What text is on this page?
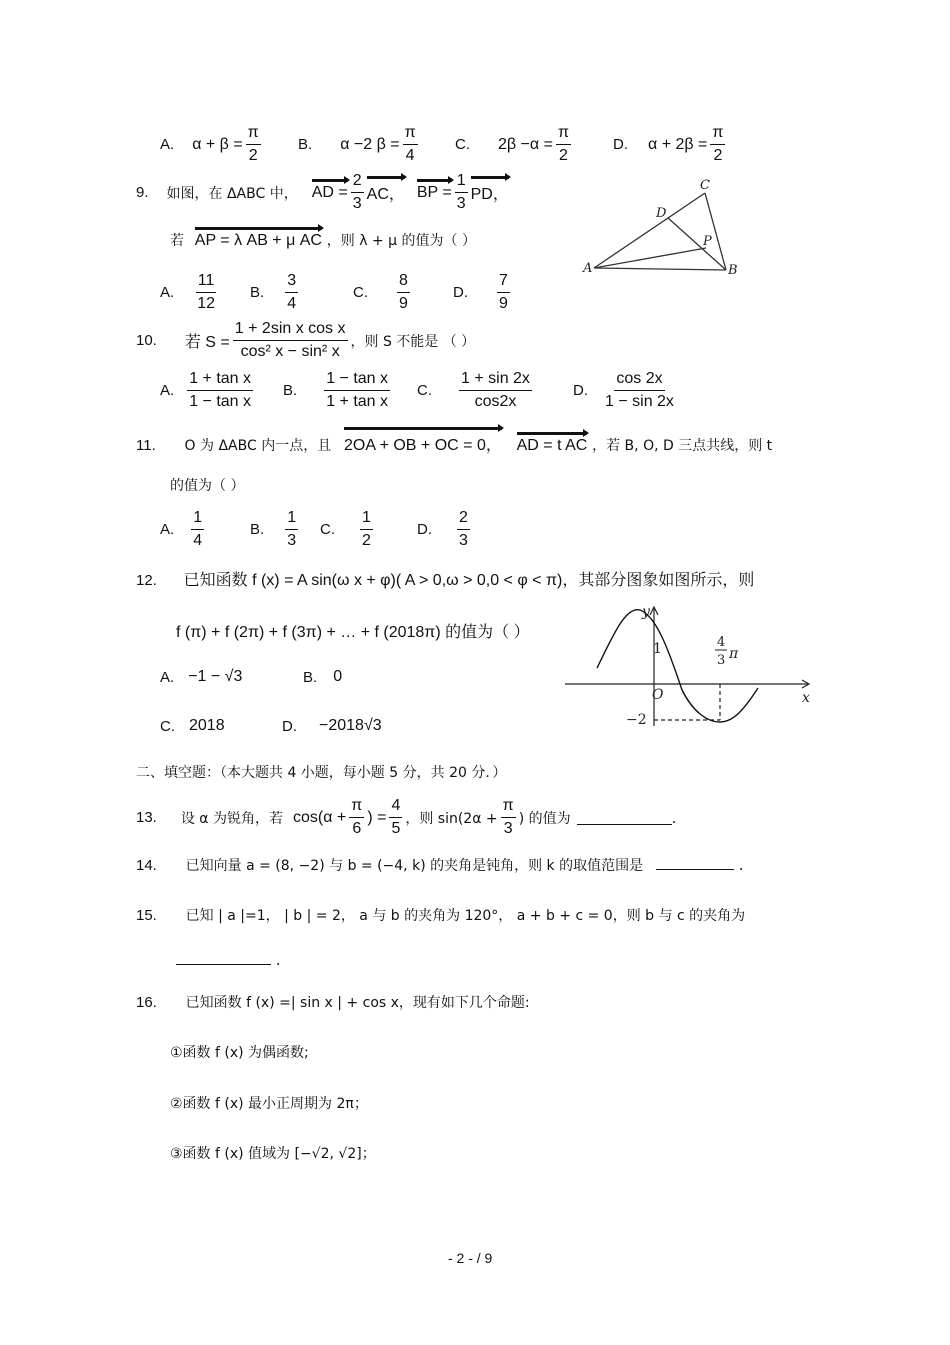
A. $\alpha + \beta = \frac{\pi}{2} B$. α −2 $\beta = \frac{\pi}{4} C$. $2\beta -\alpha = \frac{\pi}{2}$	D. $\alpha + 2\beta = \frac{\pi}{2}$
9. 如图，在 ΔABC 中， AD = $\frac{2}{3}$ AC， BP = $\frac{1}{3}$ PD，
若 AP = λ AB + μ AC ，则 λ + μ 的值为（ ）
A. $\frac{11}{12} B$. $\frac{3}{4}$	C. $\frac{8}{9}$	D. $\frac{7}{9}$
A	B
C
D
P
10. 若 $S = \frac{\text{1 + 2sin x cos x}}{\text{cos² x − sin² x}}$ ，则 S 不能是 （ ）
A. $\frac{\text{1 + tan x}}{\text{1 − tan x}} B$. $\frac{\text{1 − tan x}}{\text{1 + tan x}} C$. $\frac{1 + \sin 2x}{\cos 2x}$	D. $\frac{\cos 2x}{1 - \sin 2x}$
11. O 为 ΔABC 内一点，且 2OA + OB + OC = 0， AD = t AC ，若 B, O, D 三点共线，则 t
的值为（ ）
A. $\frac{1}{4}$	B. $\frac{1}{3} C$. $\frac{1}{2}$	D. $\frac{2}{3}$
12. 已知函数 f (x) = A sin(ω x + φ)( A > 0,ω > 0,0 < φ < π)，其部分图象如图所示，则
f (π) + f (2π) + f (3π) + … + f (2018π) 的值为（ ）
A. −1 − √3	B. 0
C. 2018	D. −2018√3
y
x
O
1
−2
4
3 π
二、填空题：（本大题共 4 小题，每小题 5 分，共 20 分．）
13. 设 α 为锐角，若 $\cos(\alpha + \frac{\pi}{6}$ ) = $\frac{4}{5}$ ，则 $\sin(2\alpha + \frac{\pi}{3}$ ) 的值为	.
14. 已知向量 a = (8, −2) 与 b = (−4, k) 的夹角是钝角，则 k 的取值范围是	.
15. 已知 | a |=1， | b | = 2， a 与 b 的夹角为 120°， a + b + c = 0，则 b 与 c 的夹角为
.
16. 已知函数 f (x) =| sin x | + cos x，现有如下几个命题:
①函数 f (x) 为偶函数;
②函数 f (x) 最小正周期为 2π；
③函数 f (x) 值域为 [−√2, √2]；
- 2 - / 9
